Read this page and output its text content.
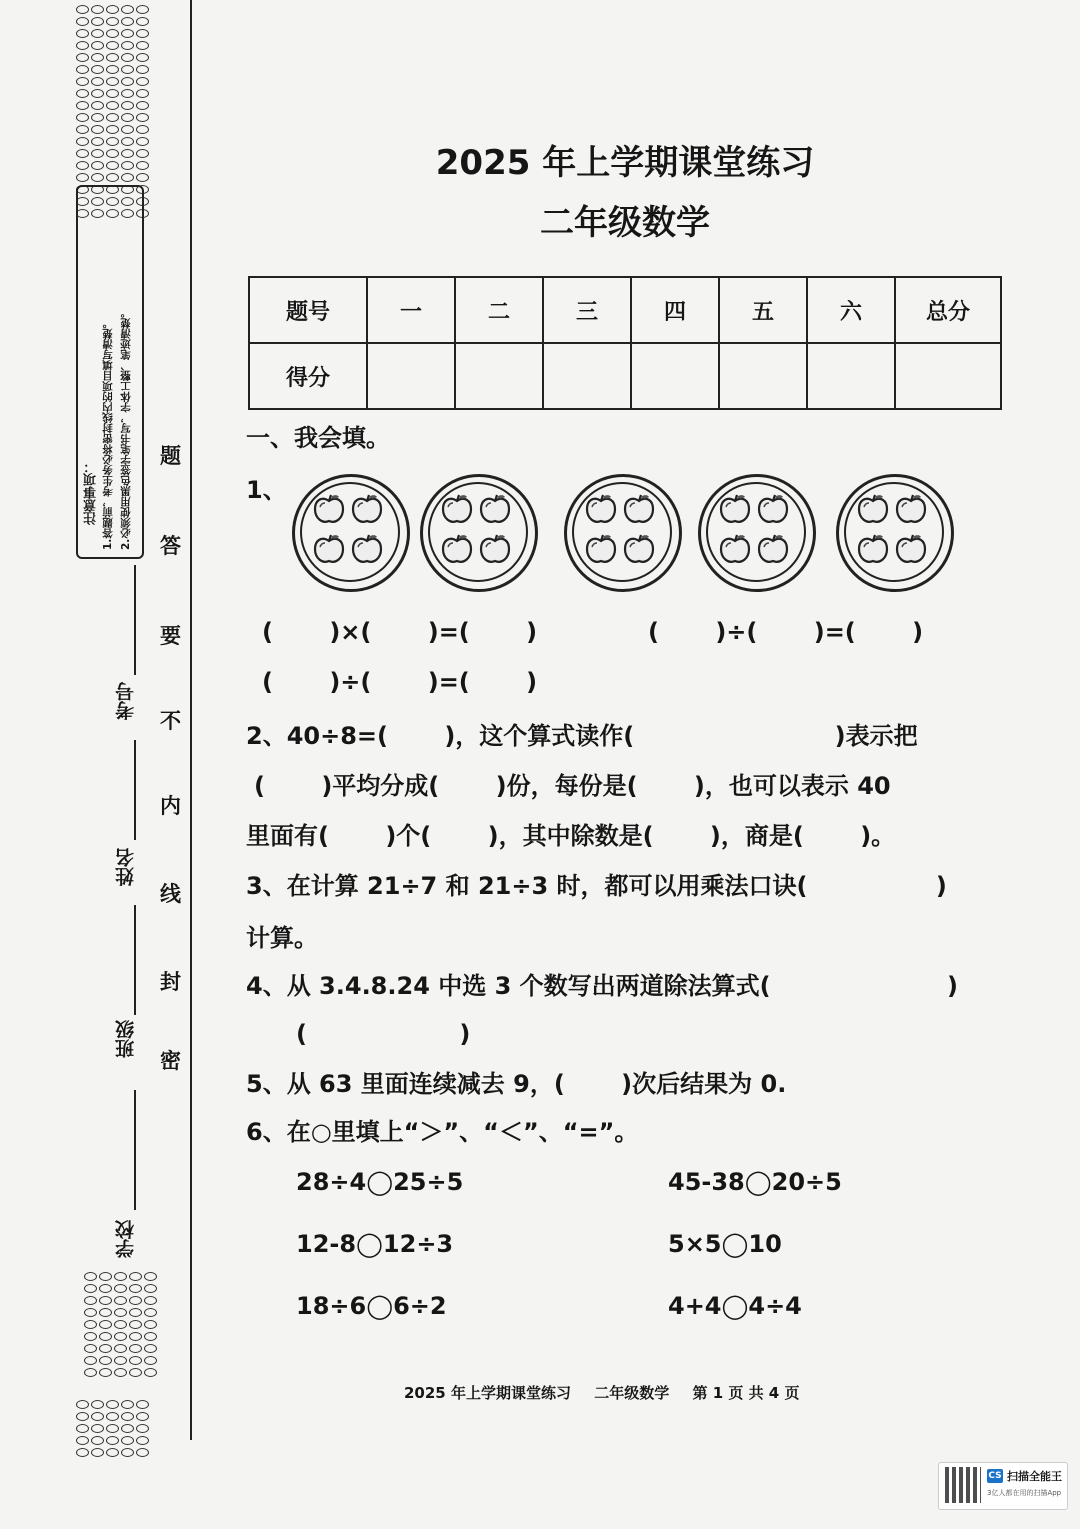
注意事项： 1.答题前，考生务必将密封线内的项目填写清楚。 2.必须使用黑色签字笔书写，字体工整、笔迹清楚。
考号
姓名
班级
学校
题
答
要
不
内
线
封
密
2025 年上学期课堂练习
二年级数学
题号	一	二	三	四	五	六	总分
得分							
一、我会填。
1、
(　　 )×(　　 )=(　　 )	(　　 )÷(　　 )=(　　 )
(　　 )÷(　　 )=(　　 )
2、40÷8=(　　 )，这个算式读作(　　　　　　　　 )表示把
(　　 )平均分成(　　 )份，每份是(　　 )，也可以表示 40
里面有(　　 )个(　　 )，其中除数是(　　 )，商是(　　 )。
3、在计算 21÷7 和 21÷3 时，都可以用乘法口诀(　　　　　 )
计算。
4、从 3.4.8.24 中选 3 个数写出两道除法算式(　　　　　　　 )
(　　　　　　 )
5、从 63 里面连续减去 9，(　　 )次后结果为 0.
6、在○里填上“＞”、“＜”、“=”。
28÷4◯25÷5	45-38◯20÷5
12-8◯12÷3	5×5◯10
18÷6◯6÷2	4+4◯4÷4
2025 年上学期课堂练习 二年级数学 第 1 页 共 4 页
CS 扫描全能王
3亿人都在用的扫描App
